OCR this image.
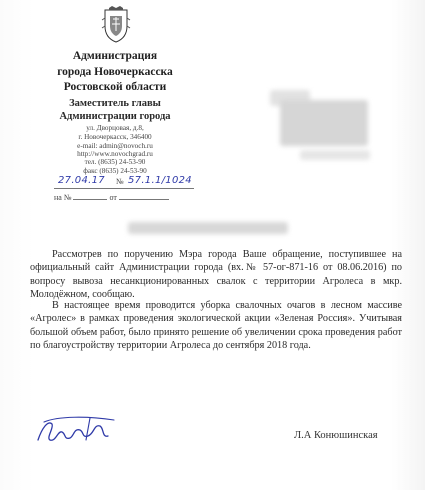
Администрация
города Новочеркасска
Ростовской области
Заместитель главы
Администрации города
ул. Дворцовая, д.8,
г. Новочеркасск, 346400
e-mail: admin@novoch.ru
http://www.novochgrad.ru
тел. (8635) 24-53-90
факс (8635) 24-53-90
27.04.17 № 57.1.1/1024
на №	от
Рассмотрев по поручению Мэра города Ваше обращение, поступившее на официальный сайт Администрации города (вх.№ 57-ог-871-16 от 08.06.2016) по вопросу вывоза несанкционированных свалок с территории Агролеса в мкр. Молодёжном, сообщаю.
В настоящее время проводится уборка свалочных очагов в лесном массиве «Агролес» в рамках проведения экологической акции «Зеленая Россия». Учитывая большой объем работ, было принято решение об увеличении срока проведения работ по благоустройству территории Агролеса до сентября 2018 года.
Л.А Конюшинская
